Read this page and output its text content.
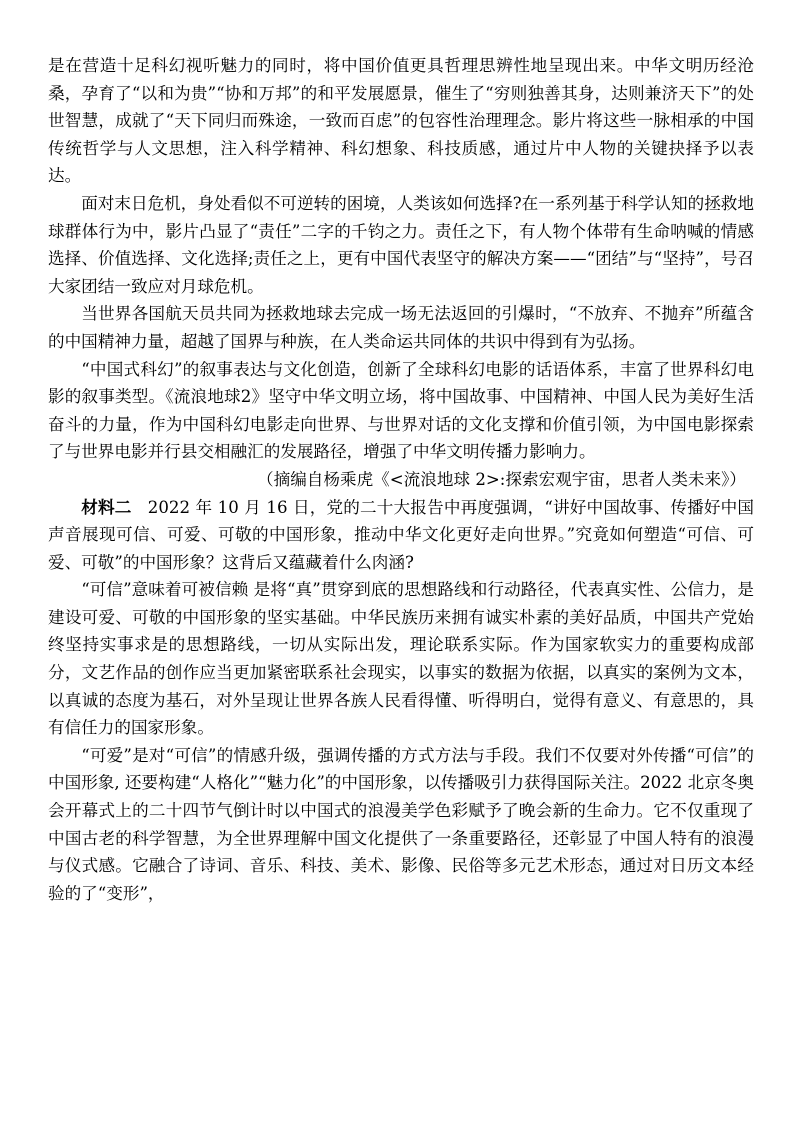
是在营造十足科幻视听魅力的同时，将中国价值更具哲理思辨性地呈现出来。中华文明历经沧桑，孕育了“以和为贵”“协和万邦”的和平发展愿景，催生了“穷则独善其身，达则兼济天下”的处世智慧，成就了“天下同归而殊途，一致而百虑”的包容性治理理念。影片将这些一脉相承的中国传统哲学与人文思想，注入科学精神、科幻想象、科技质感，通过片中人物的关键抉择予以表达。

面对末日危机，身处看似不可逆转的困境，人类该如何选择?在一系列基于科学认知的拯救地球群体行为中，影片凸显了“责任”二字的千钧之力。责任之下，有人物个体带有生命呐喊的情感选择、价值选择、文化选择;责任之上，更有中国代表坚守的解决方案——“团结”与“坚持”，号召大家团结一致应对月球危机。

当世界各国航天员共同为拯救地球去完成一场无法返回的引爆时，“不放弃、不抛弃”所蕴含的中国精神力量，超越了国界与种族，在人类命运共同体的共识中得到有为弘扬。

“中国式科幻”的叙事表达与文化创造，创新了全球科幻电影的话语体系，丰富了世界科幻电影的叙事类型。《流浪地球2》坚守中华文明立场，将中国故事、中国精神、中国人民为美好生活奋斗的力量，作为中国科幻电影走向世界、与世界对话的文化支撑和价值引领，为中国电影探索了与世界电影并行县交相融汇的发展路径，增强了中华文明传播力影响力。

（摘编自杨乘虎《<流浪地球 2>:探索宏观宇宙，思者人类未来》）

材料二 2022 年 10 月 16 日，党的二十大报告中再度强调，“讲好中国故事、传播好中国声音展现可信、可爱、可敬的中国形象，推动中华文化更好走向世界。”究竟如何塑造“可信、可爱、可敬”的中国形象？这背后又蕴藏着什么肉涵?

“可信”意味着可被信赖 是将“真”贯穿到底的思想路线和行动路径，代表真实性、公信力，是建设可爱、可敬的中国形象的坚实基础。中华民族历来拥有诚实朴素的美好品质，中国共产党始终坚持实事求是的思想路线，一切从实际出发，理论联系实际。作为国家软实力的重要构成部分，文艺作品的创作应当更加紧密联系社会现实，以事实的数据为依据，以真实的案例为文本，以真诚的态度为基石，对外呈现让世界各族人民看得懂、听得明白，觉得有意义、有意思的，具有信任力的国家形象。

“可爱”是对“可信”的情感升级，强调传播的方式方法与手段。我们不仅要对外传播“可信”的中国形象, 还要构建“人格化”“魅力化”的中国形象，以传播吸引力获得国际关注。2022 北京冬奥会开幕式上的二十四节气倒计时以中国式的浪漫美学色彩赋予了晚会新的生命力。它不仅重现了中国古老的科学智慧，为全世界理解中国文化提供了一条重要路径，还彰显了中国人特有的浪漫与仪式感。它融合了诗词、音乐、科技、美术、影像、民俗等多元艺术形态，通过对日历文本经验的了“变形”，
